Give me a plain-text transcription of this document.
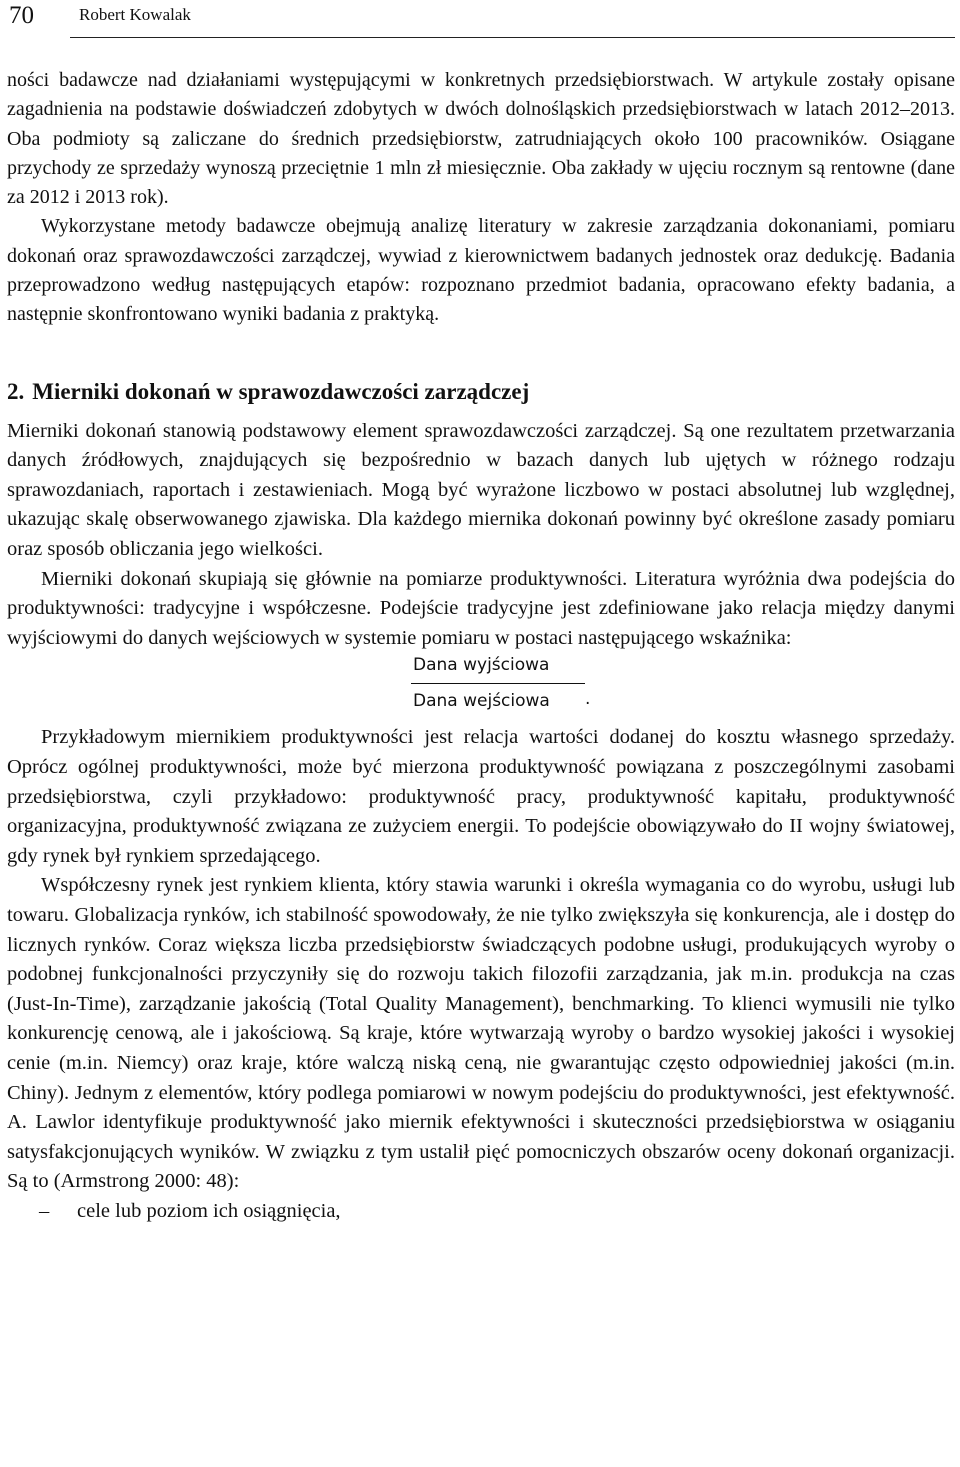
70	Robert Kowalak

ności badawcze nad działaniami występującymi w konkretnych przedsiębiorstwach. W artykule zostały opisane zagadnienia na podstawie doświadczeń zdobytych w dwóch dolnośląskich przedsiębiorstwach w latach 2012–2013. Oba podmioty są zaliczane do średnich przedsiębiorstw, zatrudniających około 100 pracowników. Osiągane przychody ze sprzedaży wynoszą przeciętnie 1 mln zł miesięcznie. Oba zakłady w ujęciu rocznym są rentowne (dane za 2012 i 2013 rok).

Wykorzystane metody badawcze obejmują analizę literatury w zakresie zarządzania dokonaniami, pomiaru dokonań oraz sprawozdawczości zarządczej, wywiad z kierownictwem badanych jednostek oraz dedukcję. Badania przeprowadzono według następujących etapów: rozpoznano przedmiot badania, opracowano efekty badania, a następnie skonfrontowano wyniki badania z praktyką.

2. Mierniki dokonań w sprawozdawczości zarządczej

Mierniki dokonań stanowią podstawowy element sprawozdawczości zarządczej. Są one rezultatem przetwarzania danych źródłowych, znajdujących się bezpośrednio w bazach danych lub ujętych w różnego rodzaju sprawozdaniach, raportach i zestawieniach. Mogą być wyrażone liczbowo w postaci absolutnej lub względnej, ukazując skalę obserwowanego zjawiska. Dla każdego miernika dokonań powinny być określone zasady pomiaru oraz sposób obliczania jego wielkości.

Mierniki dokonań skupiają się głównie na pomiarze produktywności. Literatura wyróżnia dwa podejścia do produktywności: tradycyjne i współczesne. Podejście tradycyjne jest zdefiniowane jako relacja między danymi wyjściowymi do danych wejściowych w systemie pomiaru w postaci następującego wskaźnika:

Dana wyjściowa
Dana wejściowa .

Przykładowym miernikiem produktywności jest relacja wartości dodanej do kosztu własnego sprzedaży. Oprócz ogólnej produktywności, może być mierzona produktywność powiązana z poszczególnymi zasobami przedsiębiorstwa, czyli przykładowo: produktywność pracy, produktywność kapitału, produktywność organizacyjna, produktywność związana ze zużyciem energii. To podejście obowiązywało do II wojny światowej, gdy rynek był rynkiem sprzedającego.

Współczesny rynek jest rynkiem klienta, który stawia warunki i określa wymagania co do wyrobu, usługi lub towaru. Globalizacja rynków, ich stabilność spowodowały, że nie tylko zwiększyła się konkurencja, ale i dostęp do licznych rynków. Coraz większa liczba przedsiębiorstw świadczących podobne usługi, produkujących wyroby o podobnej funkcjonalności przyczyniły się do rozwoju takich filozofii zarządzania, jak m.in. produkcja na czas (Just-In-Time), zarządzanie jakością (Total Quality Management), benchmarking. To klienci wymusili nie tylko konkurencję cenową, ale i jakościową. Są kraje, które wytwarzają wyroby o bardzo wysokiej jakości i wysokiej cenie (m.in. Niemcy) oraz kraje, które walczą niską ceną, nie gwarantując często odpowiedniej jakości (m.in. Chiny). Jednym z elementów, który podlega pomiarowi w nowym podejściu do produktywności, jest efektywność. A. Lawlor identyfikuje produktywność jako miernik efektywności i skuteczności przedsiębiorstwa w osiąganiu satysfakcjonujących wyników. W związku z tym ustalił pięć pomocniczych obszarów oceny dokonań organizacji. Są to (Armstrong 2000: 48):

– cele lub poziom ich osiągnięcia,
